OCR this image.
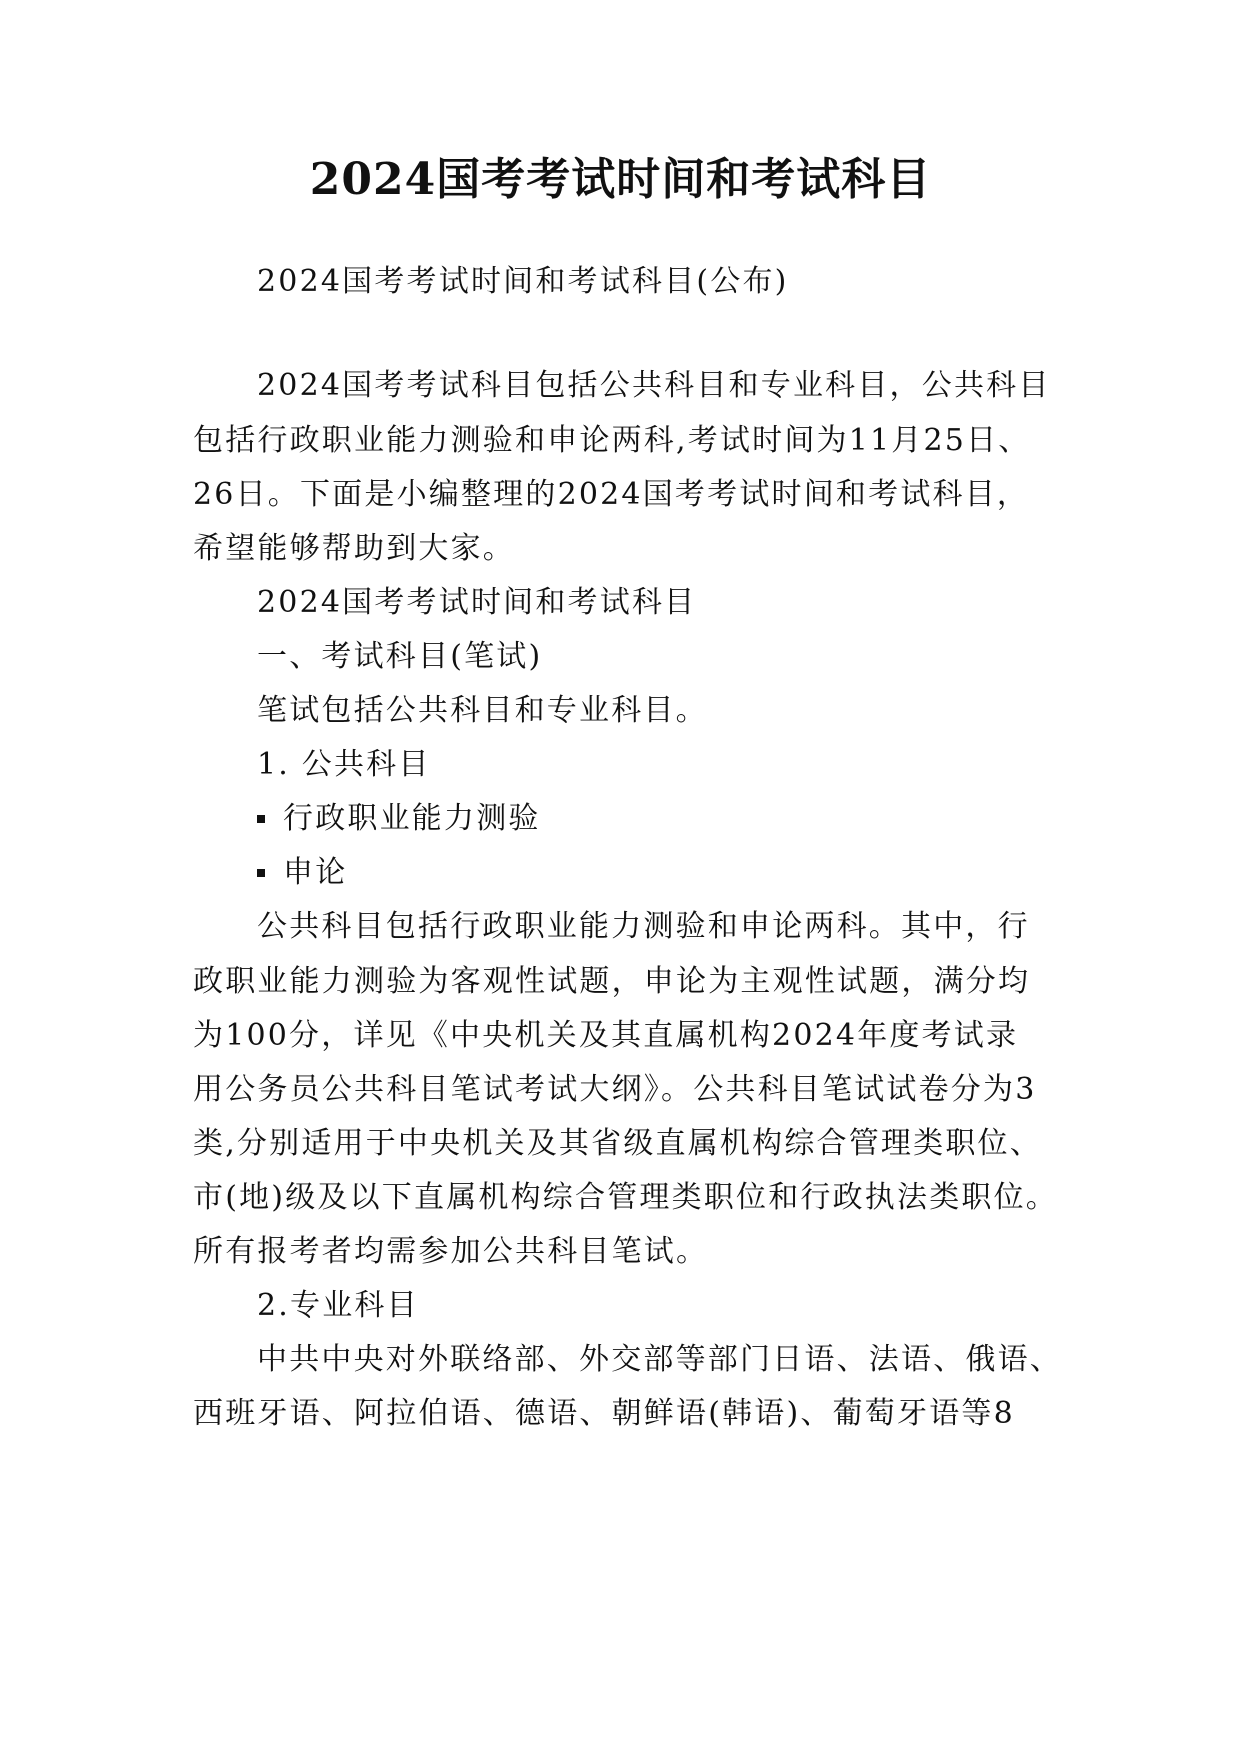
2024国考考试时间和考试科目

2024国考考试时间和考试科目(公布)

2024国考考试科目包括公共科目和专业科目，公共科目

包括行政职业能力测验和申论两科,考试时间为11月25日、

26日。下面是小编整理的2024国考考试时间和考试科目，

希望能够帮助到大家。

2024国考考试时间和考试科目

一、考试科目(笔试)

笔试包括公共科目和专业科目。

1. 公共科目

行政职业能力测验
申论

公共科目包括行政职业能力测验和申论两科。其中，行

政职业能力测验为客观性试题，申论为主观性试题，满分均

为100分，详见《中央机关及其直属机构2024年度考试录

用公务员公共科目笔试考试大纲》。公共科目笔试试卷分为3

类,分别适用于中央机关及其省级直属机构综合管理类职位、

市(地)级及以下直属机构综合管理类职位和行政执法类职位。

所有报考者均需参加公共科目笔试。

2.专业科目

中共中央对外联络部、外交部等部门日语、法语、俄语、

西班牙语、阿拉伯语、德语、朝鲜语(韩语)、葡萄牙语等8
